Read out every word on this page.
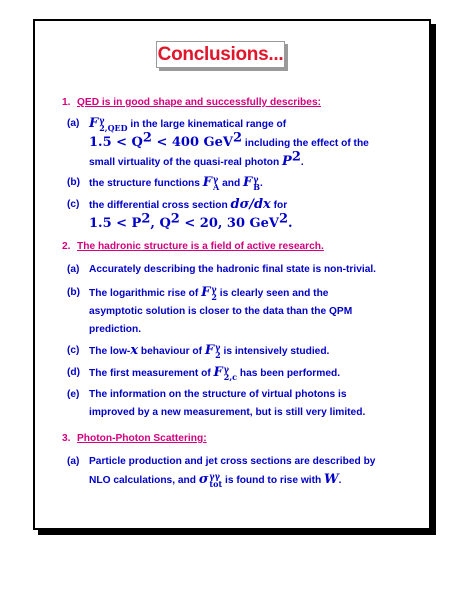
Conclusions...
1. QED is in good shape and successfully describes:
(a) F γ
2,QED in the large kinematical range of
$1.5 < Q^2 < 400$ GeV$^2$ including the effect of the
small virtuality of the quasi-real photon $P^2$.
(b) the structure functions F γ
A and F γ
B .
(c) the differential cross section dσ/dx for
$1.5 < P^2$, $Q^2 < 20$, 30 GeV$^2$.
2. The hadronic structure is a field of active research.
(a) Accurately describing the hadronic final state is non-trivial.
(b) The logarithmic rise of F γ
2 is clearly seen and the
asymptotic solution is closer to the data than the QPM
prediction.
(c) The low-x behaviour of F γ
2 is intensively studied.
(d) The first measurement of F γ
2,c has been performed.
(e) The information on the structure of virtual photons is
improved by a new measurement, but is still very limited.
3. Photon-Photon Scattering:
(a) Particle production and jet cross sections are described by
NLO calculations, and σ γγ
tot is found to rise with W.
